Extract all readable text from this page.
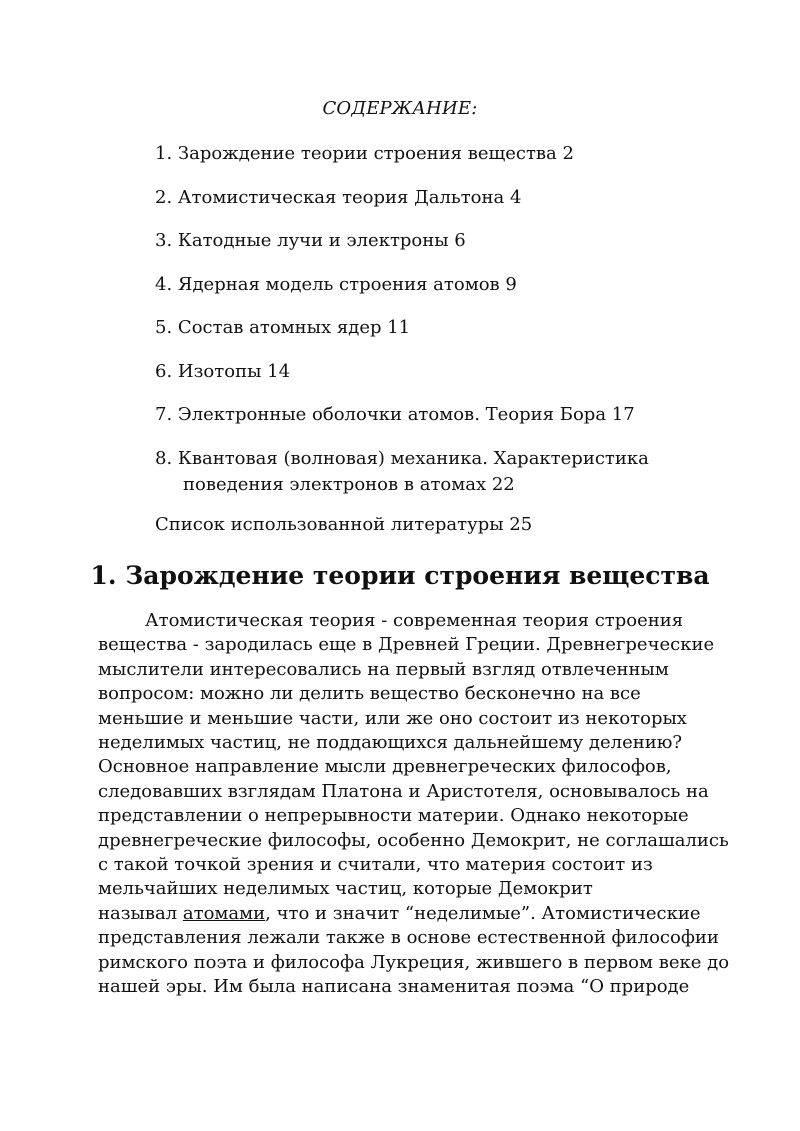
СОДЕРЖАНИЕ:
1. Зарождение теории строения вещества 2
2. Атомистическая теория Дальтона 4
3. Катодные лучи и электроны 6
4. Ядерная модель строения атомов 9
5. Состав атомных ядер 11
6. Изотопы 14
7. Электронные оболочки атомов. Теория Бора 17
8. Квантовая (волновая) механика. Характеристика поведения электронов в атомах 22
Список использованной литературы 25
1. Зарождение теории строения вещества

Атомистическая теория - современная теория строения
вещества - зародилась еще в Древней Греции. Древнегреческие
мыслители интересовались на первый взгляд отвлеченным
вопросом: можно ли делить вещество бесконечно на все
меньшие и меньшие части, или же оно состоит из некоторых
неделимых частиц, не поддающихся дальнейшему делению?
Основное направление мысли древнегреческих философов,
следовавших взглядам Платона и Аристотеля, основывалось на
представлении о непрерывности материи. Однако некоторые
древнегреческие философы, особенно Демокрит, не соглашались
с такой точкой зрения и считали, что материя состоит из
мельчайших неделимых частиц, которые Демокрит
называл атомами, что и значит “неделимые”. Атомистические
представления лежали также в основе естественной философии
римского поэта и философа Лукреция, жившего в первом веке до
нашей эры. Им была написана знаменитая поэма “О природе
